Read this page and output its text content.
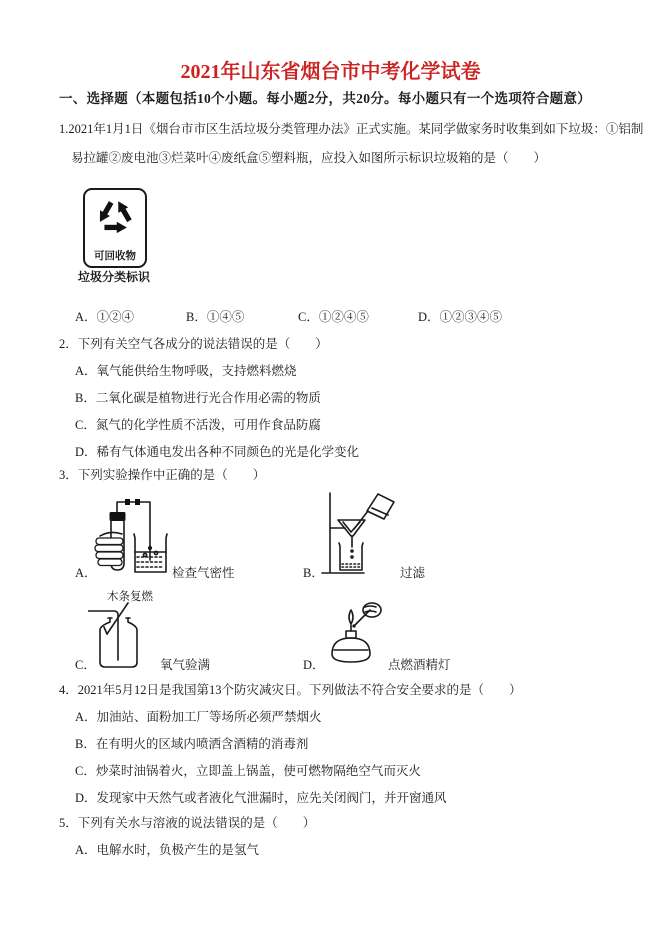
2021年山东省烟台市中考化学试卷
一、选择题（本题包括10个小题。每小题2分，共20分。每小题只有一个选项符合题意）
1.2021年1月1日《烟台市市区生活垃圾分类管理办法》正式实施。某同学做家务时收集到如下垃圾：①铝制易拉罐②废电池③烂菜叶④废纸盒⑤塑料瓶，应投入如图所示标识垃圾箱的是（　　）
可回收物
垃圾分类标识
A．①②④	B．①④⑤	C．①②④⑤	D．①②③④⑤
2．下列有关空气各成分的说法错误的是（　　）
A．氧气能供给生物呼吸，支持燃料燃烧
B．二氧化碳是植物进行光合作用必需的物质
C．氮气的化学性质不活泼，可用作食品防腐
D．稀有气体通电发出各种不同颜色的光是化学变化
3．下列实验操作中正确的是（　　）
A．	检查气密性	B．	过滤
木条复燃
C．	氧气验满	D．	点燃酒精灯
4．2021年5月12日是我国第13个防灾减灾日。下列做法不符合安全要求的是（　　）
A．加油站、面粉加工厂等场所必须严禁烟火
B．在有明火的区域内喷洒含酒精的消毒剂
C．炒菜时油锅着火，立即盖上锅盖，使可燃物隔绝空气而灭火
D．发现家中天然气或者液化气泄漏时，应先关闭阀门，并开窗通风
5．下列有关水与溶液的说法错误的是（　　）
A．电解水时，负极产生的是氢气
